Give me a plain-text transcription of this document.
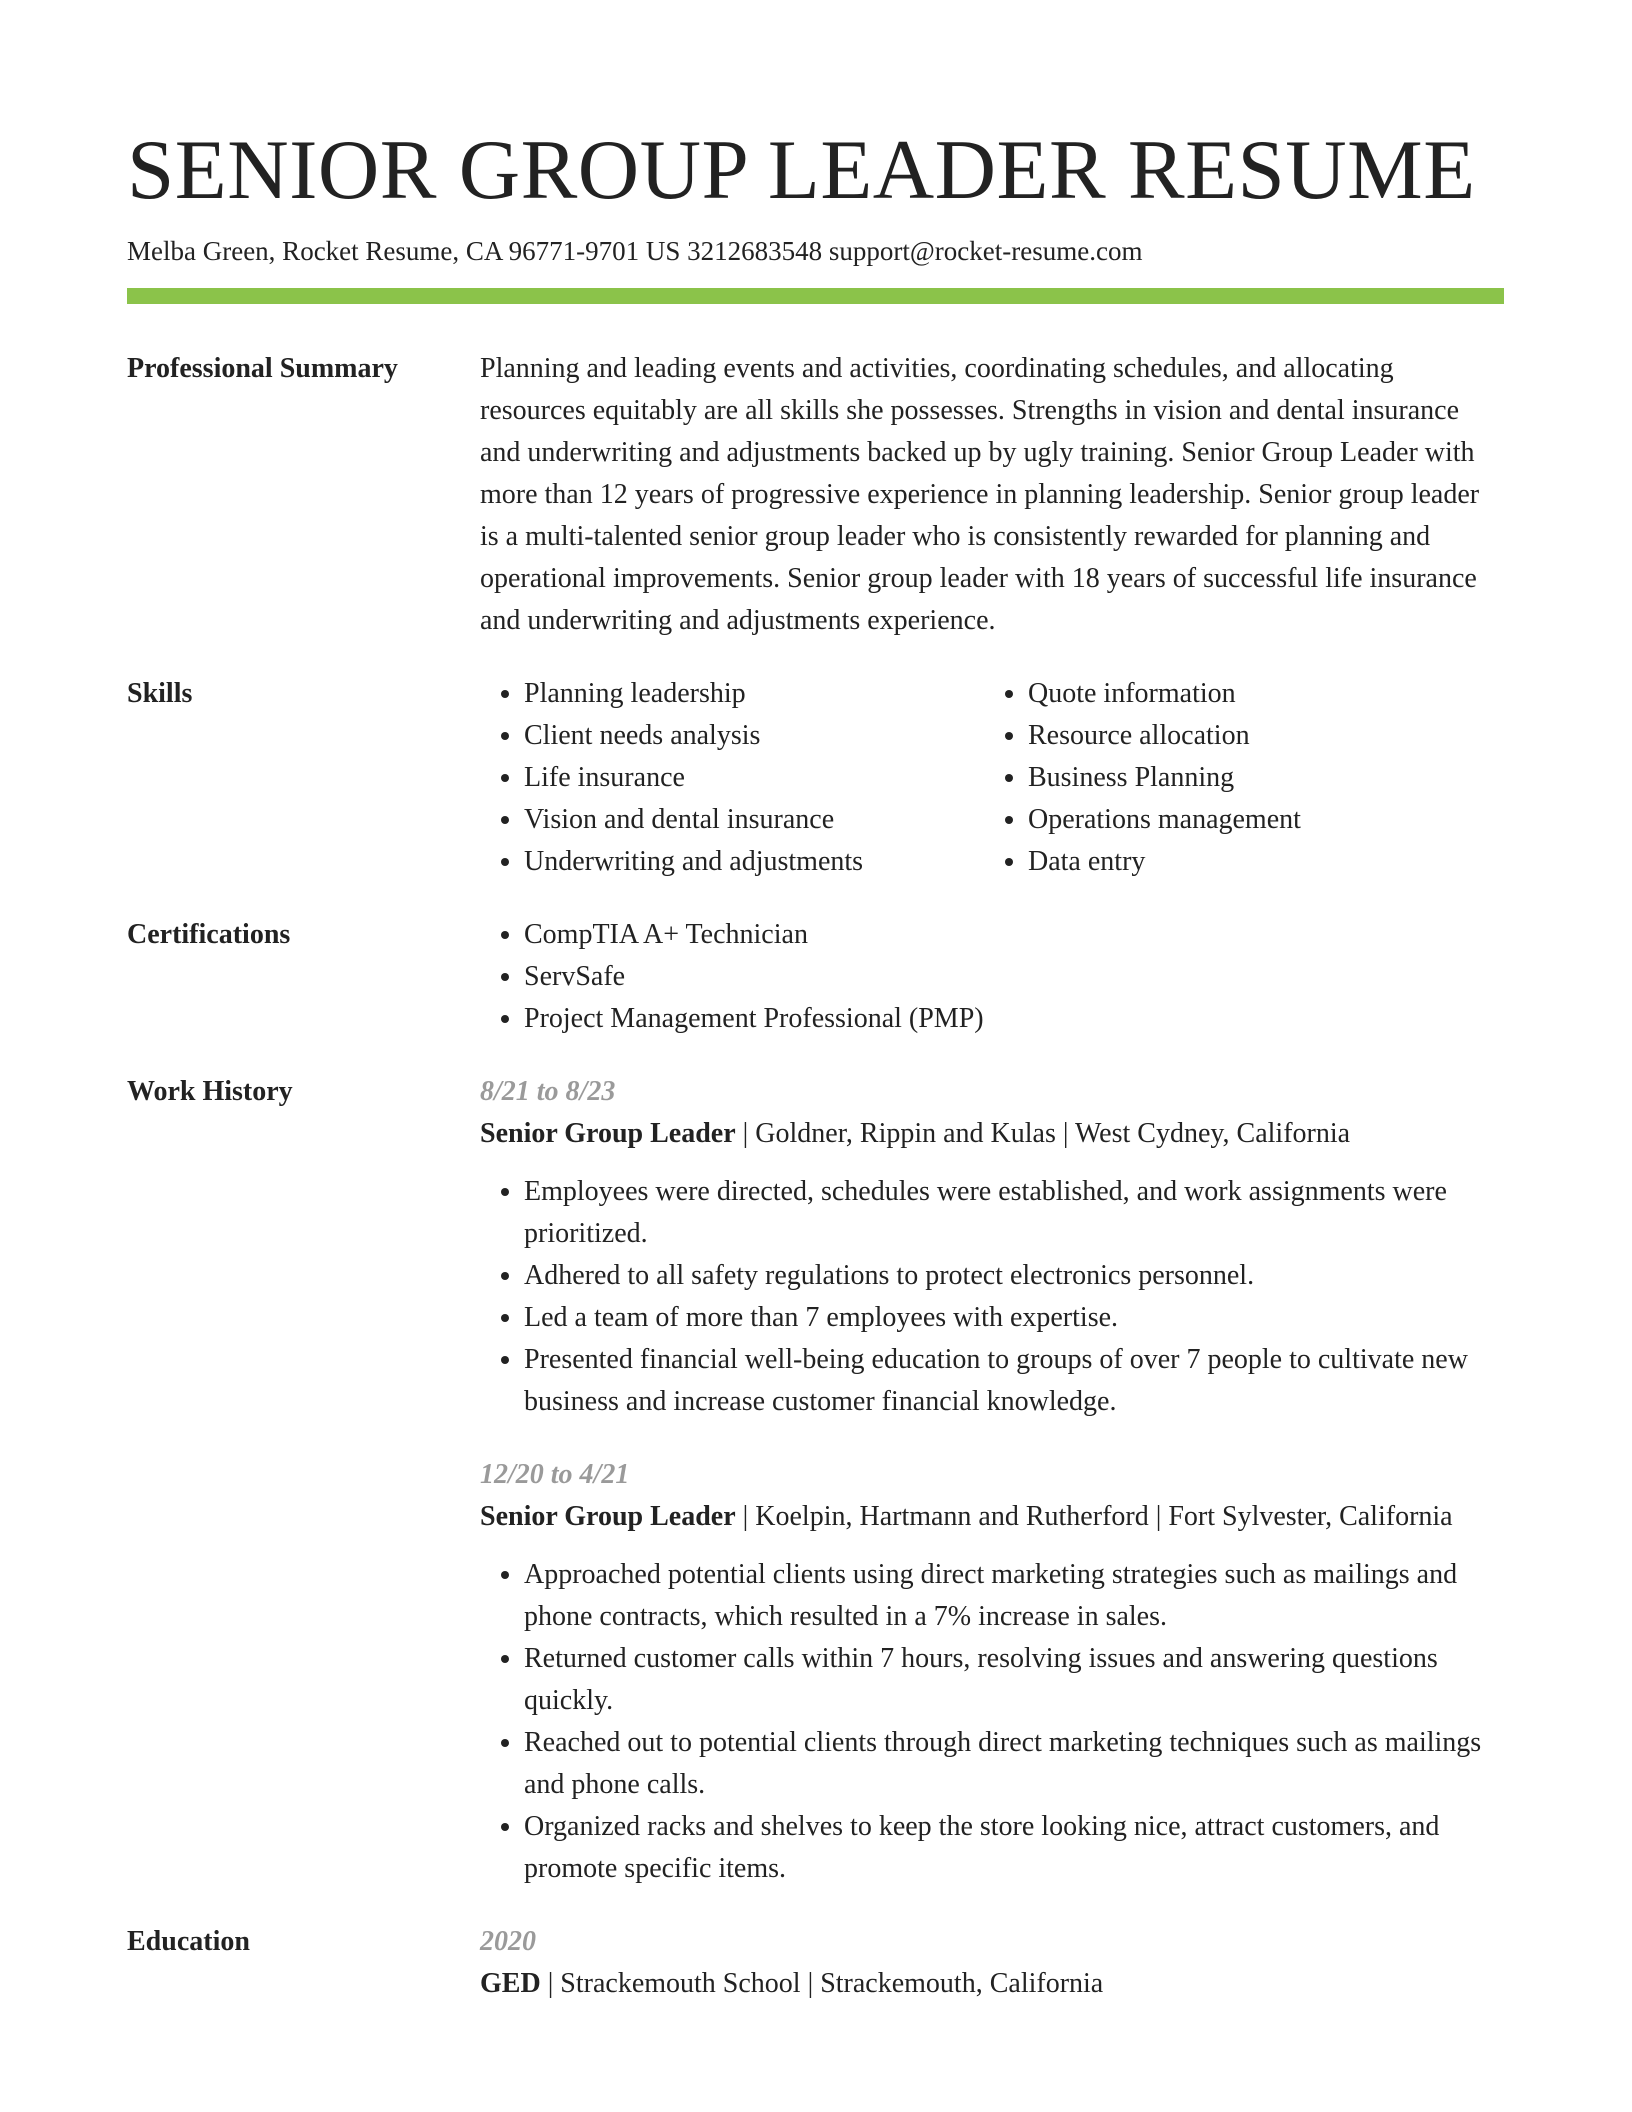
SENIOR GROUP LEADER RESUME
Melba Green, Rocket Resume, CA 96771-9701 US 3212683548 support@rocket-resume.com
Professional Summary	Planning and leading events and activities, coordinating schedules, and allocating resources equitably are all skills she possesses. Strengths in vision and dental insurance and underwriting and adjustments backed up by ugly training. Senior Group Leader with more than 12 years of progressive experience in planning leadership. Senior group leader is a multi-talented senior group leader who is consistently rewarded for planning and operational improvements. Senior group leader with 18 years of successful life insurance and underwriting and adjustments experience.

Skills	• Planning leadership
• Client needs analysis
• Life insurance
• Vision and dental insurance
• Underwriting and adjustments
• Quote information
• Resource allocation
• Business Planning
• Operations management
• Data entry
Certifications	• CompTIA A+ Technician
• ServSafe
• Project Management Professional (PMP)
Work History	8/21 to 8/23
Senior Group Leader | Goldner, Rippin and Kulas | West Cydney, California
• Employees were directed, schedules were established, and work assignments were prioritized.
• Adhered to all safety regulations to protect electronics personnel.
• Led a team of more than 7 employees with expertise.
• Presented financial well-being education to groups of over 7 people to cultivate new business and increase customer financial knowledge.
12/20 to 4/21
Senior Group Leader | Koelpin, Hartmann and Rutherford | Fort Sylvester, California
• Approached potential clients using direct marketing strategies such as mailings and phone contracts, which resulted in a 7% increase in sales.
• Returned customer calls within 7 hours, resolving issues and answering questions quickly.
• Reached out to potential clients through direct marketing techniques such as mailings and phone calls.
• Organized racks and shelves to keep the store looking nice, attract customers, and promote specific items.
Education	2020
GED | Strackemouth School | Strackemouth, California
